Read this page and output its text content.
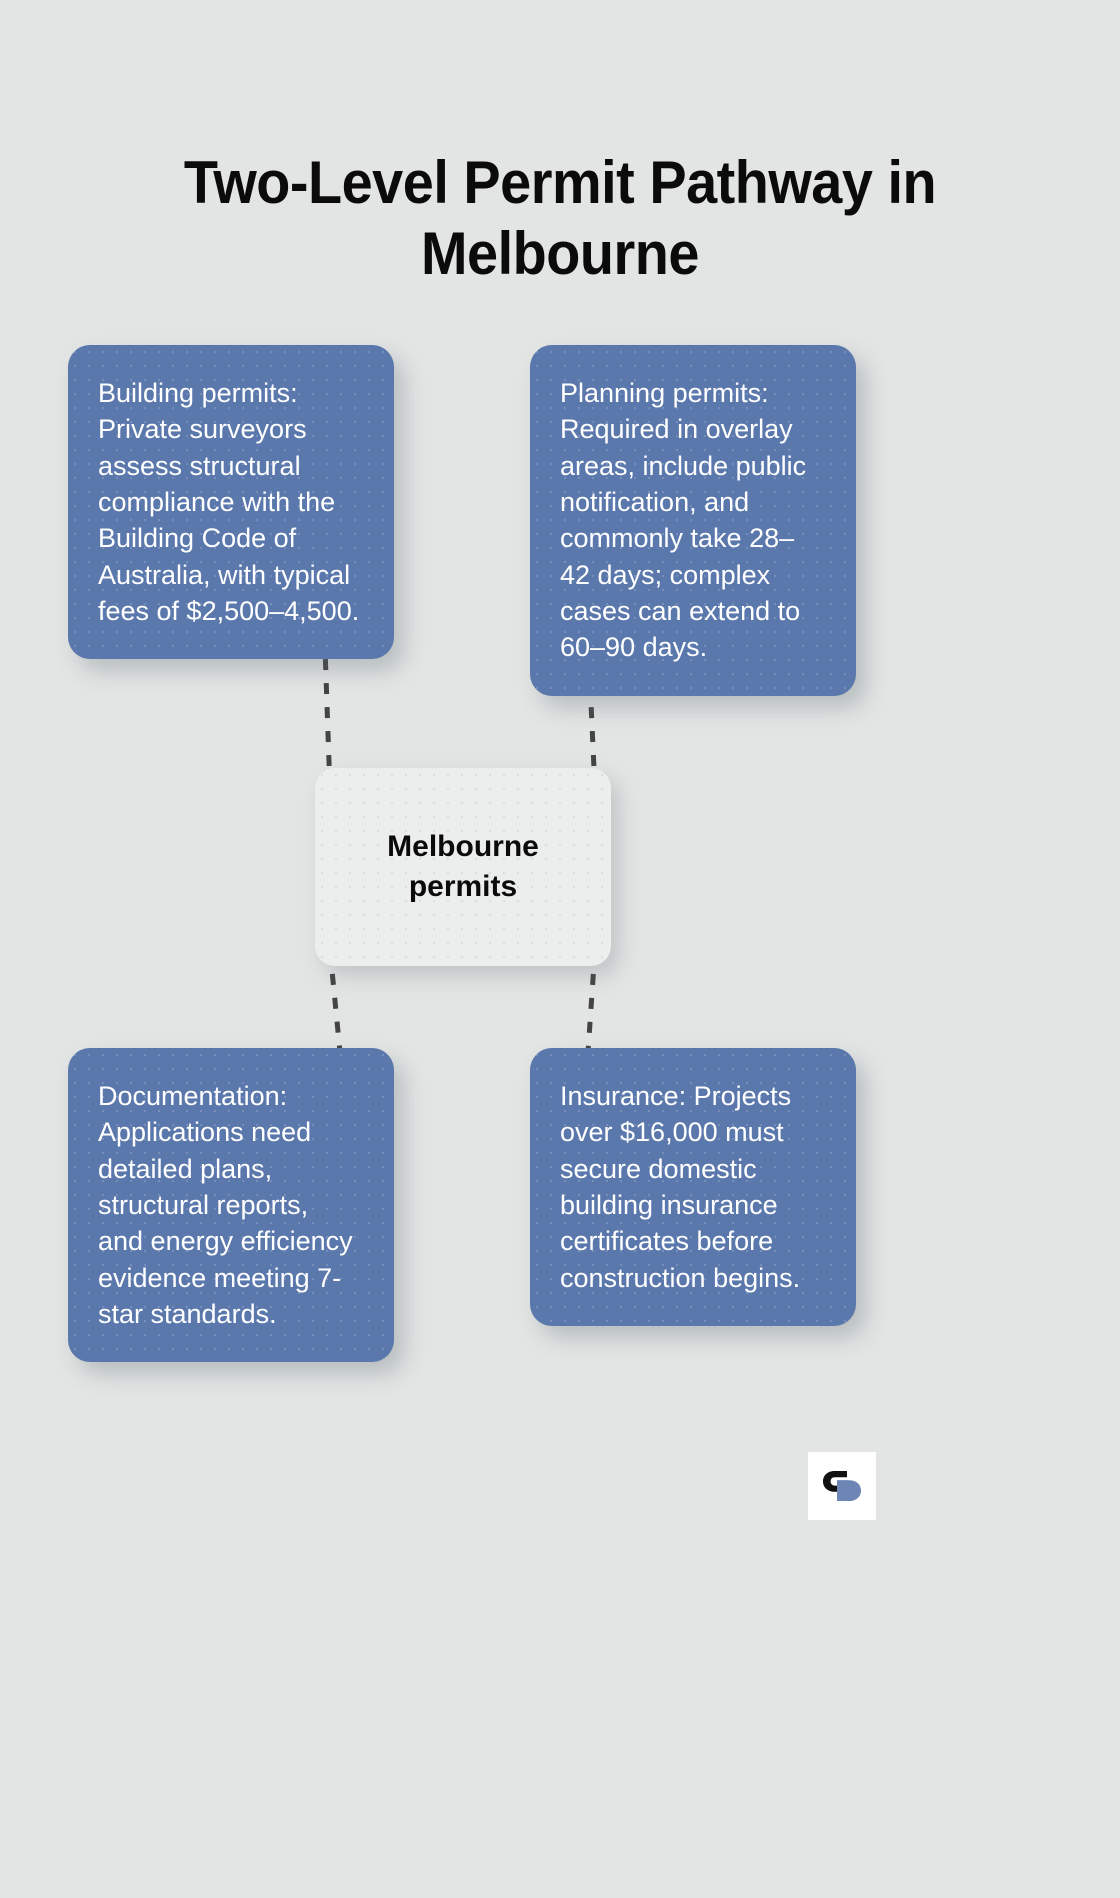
Two-Level Permit Pathway in Melbourne
Building permits: Private surveyors assess structural compliance with the Building Code of Australia, with typical fees of $2,500–4,500.
Planning permits: Required in overlay areas, include public notification, and commonly take 28–42 days; complex cases can extend to 60–90 days.
Documentation: Applications need detailed plans, structural reports, and energy efficiency evidence meeting 7-star standards.
Insurance: Projects over $16,000 must secure domestic building insurance certificates before construction begins.
Melbourne permits
